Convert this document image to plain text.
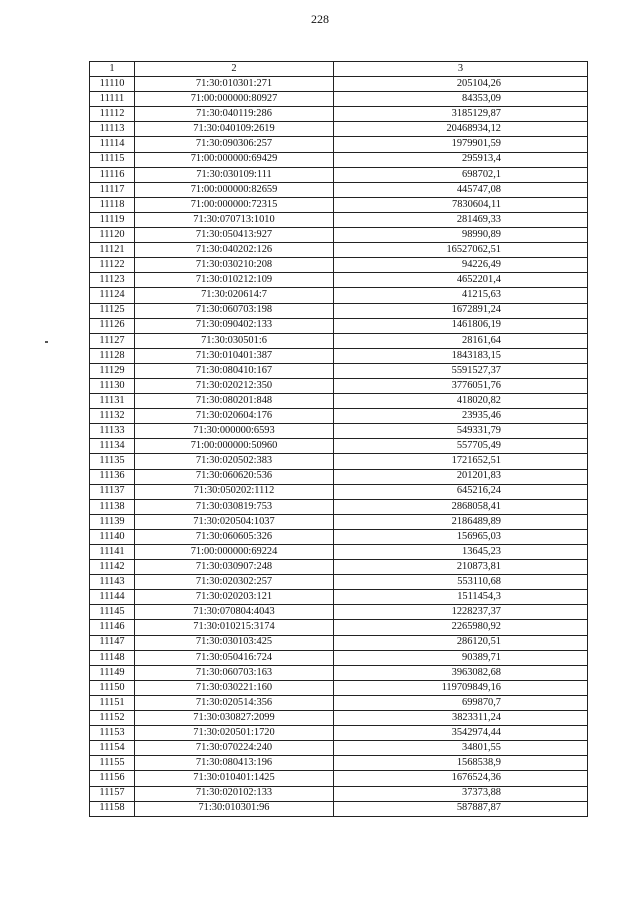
228
1	2	3
11110	71:30:010301:271	205104,26
11111	71:00:000000:80927	84353,09
11112	71:30:040119:286	3185129,87
11113	71:30:040109:2619	20468934,12
11114	71:30:090306:257	1979901,59
11115	71:00:000000:69429	295913,4
11116	71:30:030109:111	698702,1
11117	71:00:000000:82659	445747,08
11118	71:00:000000:72315	7830604,11
11119	71:30:070713:1010	281469,33
11120	71:30:050413:927	98990,89
11121	71:30:040202:126	16527062,51
11122	71:30:030210:208	94226,49
11123	71:30:010212:109	4652201,4
11124	71:30:020614:7	41215,63
11125	71:30:060703:198	1672891,24
11126	71:30:090402:133	1461806,19
11127	71:30:030501:6	28161,64
11128	71:30:010401:387	1843183,15
11129	71:30:080410:167	5591527,37
11130	71:30:020212:350	3776051,76
11131	71:30:080201:848	418020,82
11132	71:30:020604:176	23935,46
11133	71:30:000000:6593	549331,79
11134	71:00:000000:50960	557705,49
11135	71:30:020502:383	1721652,51
11136	71:30:060620:536	201201,83
11137	71:30:050202:1112	645216,24
11138	71:30:030819:753	2868058,41
11139	71:30:020504:1037	2186489,89
11140	71:30:060605:326	156965,03
11141	71:00:000000:69224	13645,23
11142	71:30:030907:248	210873,81
11143	71:30:020302:257	553110,68
11144	71:30:020203:121	1511454,3
11145	71:30:070804:4043	1228237,37
11146	71:30:010215:3174	2265980,92
11147	71:30:030103:425	286120,51
11148	71:30:050416:724	90389,71
11149	71:30:060703:163	3963082,68
11150	71:30:030221:160	119709849,16
11151	71:30:020514:356	699870,7
11152	71:30:030827:2099	3823311,24
11153	71:30:020501:1720	3542974,44
11154	71:30:070224:240	34801,55
11155	71:30:080413:196	1568538,9
11156	71:30:010401:1425	1676524,36
11157	71:30:020102:133	37373,88
11158	71:30:010301:96	587887,87
